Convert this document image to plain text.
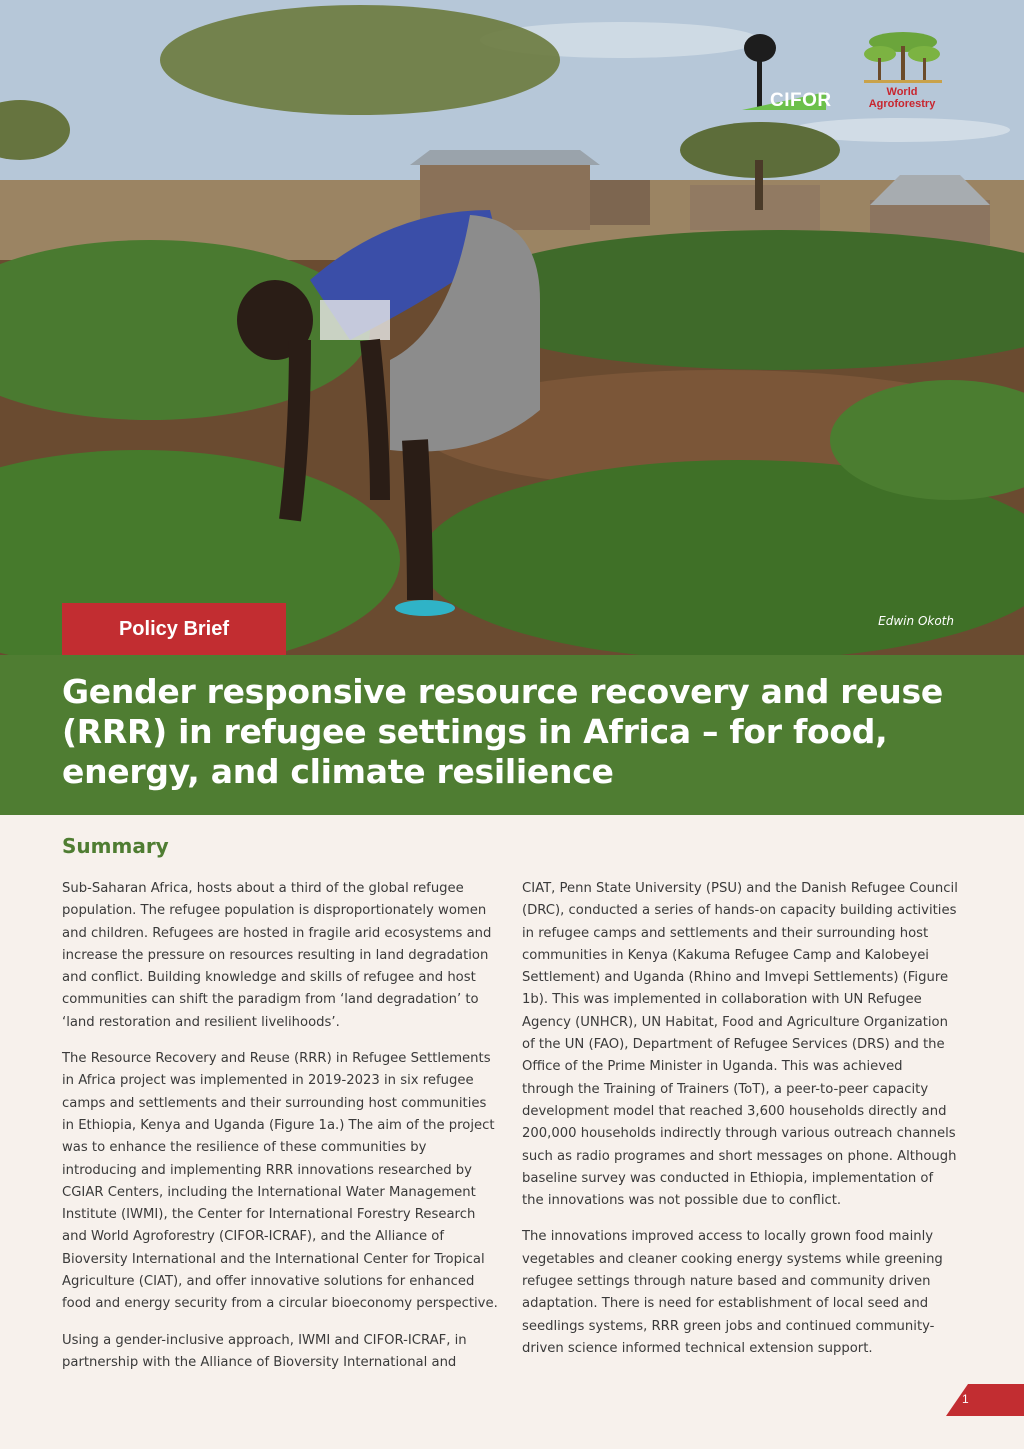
Edwin Okoth
CIFOR	World Agroforestry
Policy Brief
Gender responsive resource recovery and reuse (RRR) in refugee settings in Africa – for food, energy, and climate resilience
Summary

Sub-Saharan Africa, hosts about a third of the global refugee population. The refugee population is disproportionately women and children. Refugees are hosted in fragile arid ecosystems and increase the pressure on resources resulting in land degradation and conflict. Building knowledge and skills of refugee and host communities can shift the paradigm from ‘land degradation’ to ‘land restoration and resilient livelihoods’.

The Resource Recovery and Reuse (RRR) in Refugee Settlements in Africa project was implemented in 2019-2023 in six refugee camps and settlements and their surrounding host communities in Ethiopia, Kenya and Uganda (Figure 1a.) The aim of the project was to enhance the resilience of these communities by introducing and implementing RRR innovations researched by CGIAR Centers, including the International Water Management Institute (IWMI), the Center for International Forestry Research and World Agroforestry (CIFOR-ICRAF), and the Alliance of Bioversity International and the International Center for Tropical Agriculture (CIAT), and offer innovative solutions for enhanced food and energy security from a circular bioeconomy perspective.

Using a gender-inclusive approach, IWMI and CIFOR-ICRAF, in partnership with the Alliance of Bioversity International and

CIAT, Penn State University (PSU) and the Danish Refugee Council (DRC), conducted a series of hands-on capacity building activities in refugee camps and settlements and their surrounding host communities in Kenya (Kakuma Refugee Camp and Kalobeyei Settlement) and Uganda (Rhino and Imvepi Settlements) (Figure 1b). This was implemented in collaboration with UN Refugee Agency (UNHCR), UN Habitat, Food and Agriculture Organization of the UN (FAO), Department of Refugee Services (DRS) and the Office of the Prime Minister in Uganda. This was achieved through the Training of Trainers (ToT), a peer-to-peer capacity development model that reached 3,600 households directly and 200,000 households indirectly through various outreach channels such as radio programes and short messages on phone. Although baseline survey was conducted in Ethiopia, implementation of the innovations was not possible due to conflict.

The innovations improved access to locally grown food mainly vegetables and cleaner cooking energy systems while greening refugee settings through nature based and community driven adaptation. There is need for establishment of local seed and seedlings systems, RRR green jobs and continued community-driven science informed technical extension support.

1
